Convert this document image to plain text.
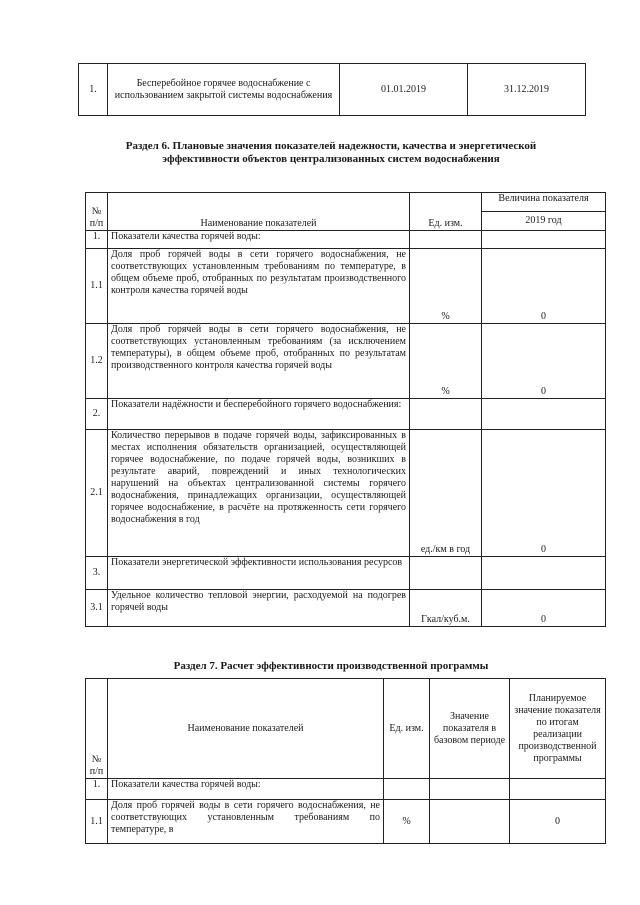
1.	Бесперебойное горячее водоснабжение с использованием закрытой системы водоснабжения	01.01.2019	31.12.2019
Раздел 6. Плановые значения показателей надежности, качества и энергетической эффективности объектов централизованных систем водоснабжения
№ п/п	Наименование показателей	Ед. изм.	Величина показателя
			2019 год
1.	Показатели качества горячей воды:		
1.1	Доля проб горячей воды в сети горячего водоснабжения, не соответствующих установленным требованиям по температуре, в общем объеме проб, отобранных по результатам производственного контроля качества горячей воды	%	0
1.2	Доля проб горячей воды в сети горячего водоснабжения, не соответствующих установленным требованиям (за исключением температуры), в общем объеме проб, отобранных по результатам производственного контроля качества горячей воды	%	0
2.	Показатели надёжности и бесперебойного горячего водоснабжения:		
2.1	Количество перерывов в подаче горячей воды, зафиксированных в местах исполнения обязательств организацией, осуществляющей горячее водоснабжение, по подаче горячей воды, возникших в результате аварий, повреждений и иных технологических нарушений на объектах централизованной системы горячего водоснабжения, принадлежащих организации, осуществляющей горячее водоснабжение, в расчёте на протяженность сети горячего водоснабжения в год	ед./км в год	0
3.	Показатели энергетической эффективности использования ресурсов		
3.1	Удельное количество тепловой энергии, расходуемой на подогрев горячей воды	Гкал/куб.м.	0
Раздел 7. Расчет эффективности производственной программы
№ п/п	Наименование показателей	Ед. изм.	Значение показателя в базовом периоде	Планируемое значение показателя по итогам реализации производственной программы
1.	Показатели качества горячей воды:			
1.1	Доля проб горячей воды в сети горячего водоснабжения, не соответствующих установленным требованиям по температуре, в	%		0
